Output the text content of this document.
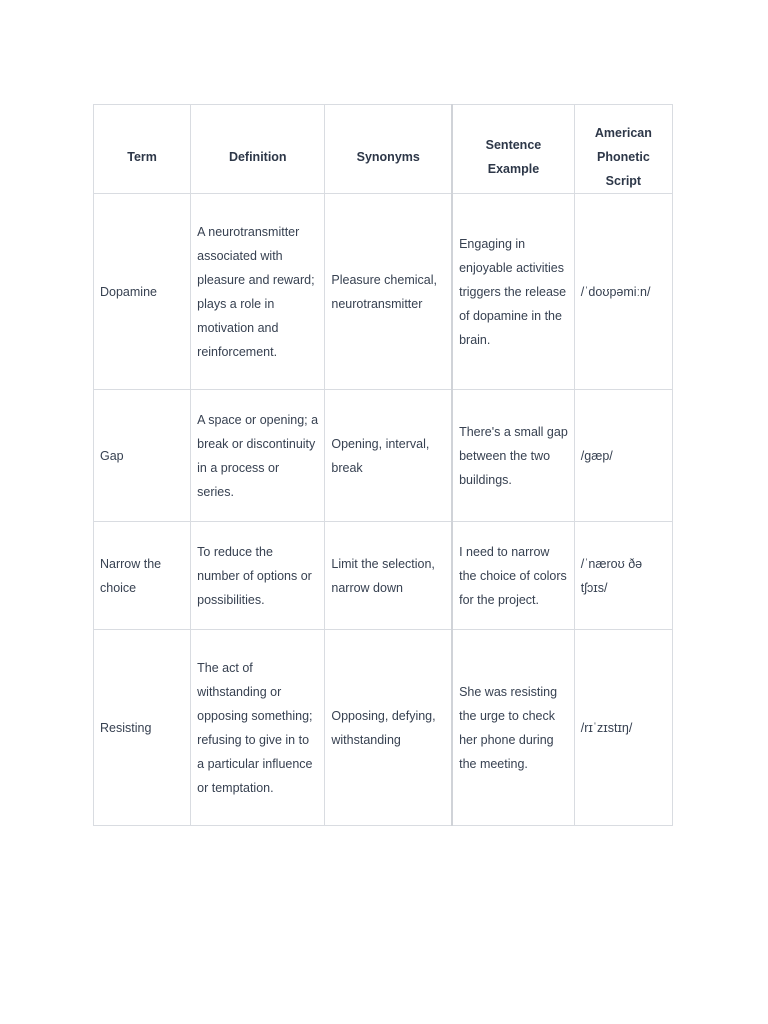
Term	Definition	Synonyms	Sentence Example	American Phonetic Script

Dopamine	A neurotransmitter associated with pleasure and reward; plays a role in motivation and reinforcement.	Pleasure chemical, neurotransmitter	Engaging in enjoyable activities triggers the release of dopamine in the brain.	/ˈdoʊpəmiːn/
Gap	A space or opening; a break or discontinuity in a process or series.	Opening, interval, break	There's a small gap between the two buildings.	/ɡæp/
Narrow the choice	To reduce the number of options or possibilities.	Limit the selection, narrow down	I need to narrow the choice of colors for the project.	/ˈnæroʊ ðə tʃɔɪs/
Resisting	The act of withstanding or opposing something; refusing to give in to a particular influence or temptation.	Opposing, defying, withstanding	She was resisting the urge to check her phone during the meeting.	/rɪˈzɪstɪŋ/
